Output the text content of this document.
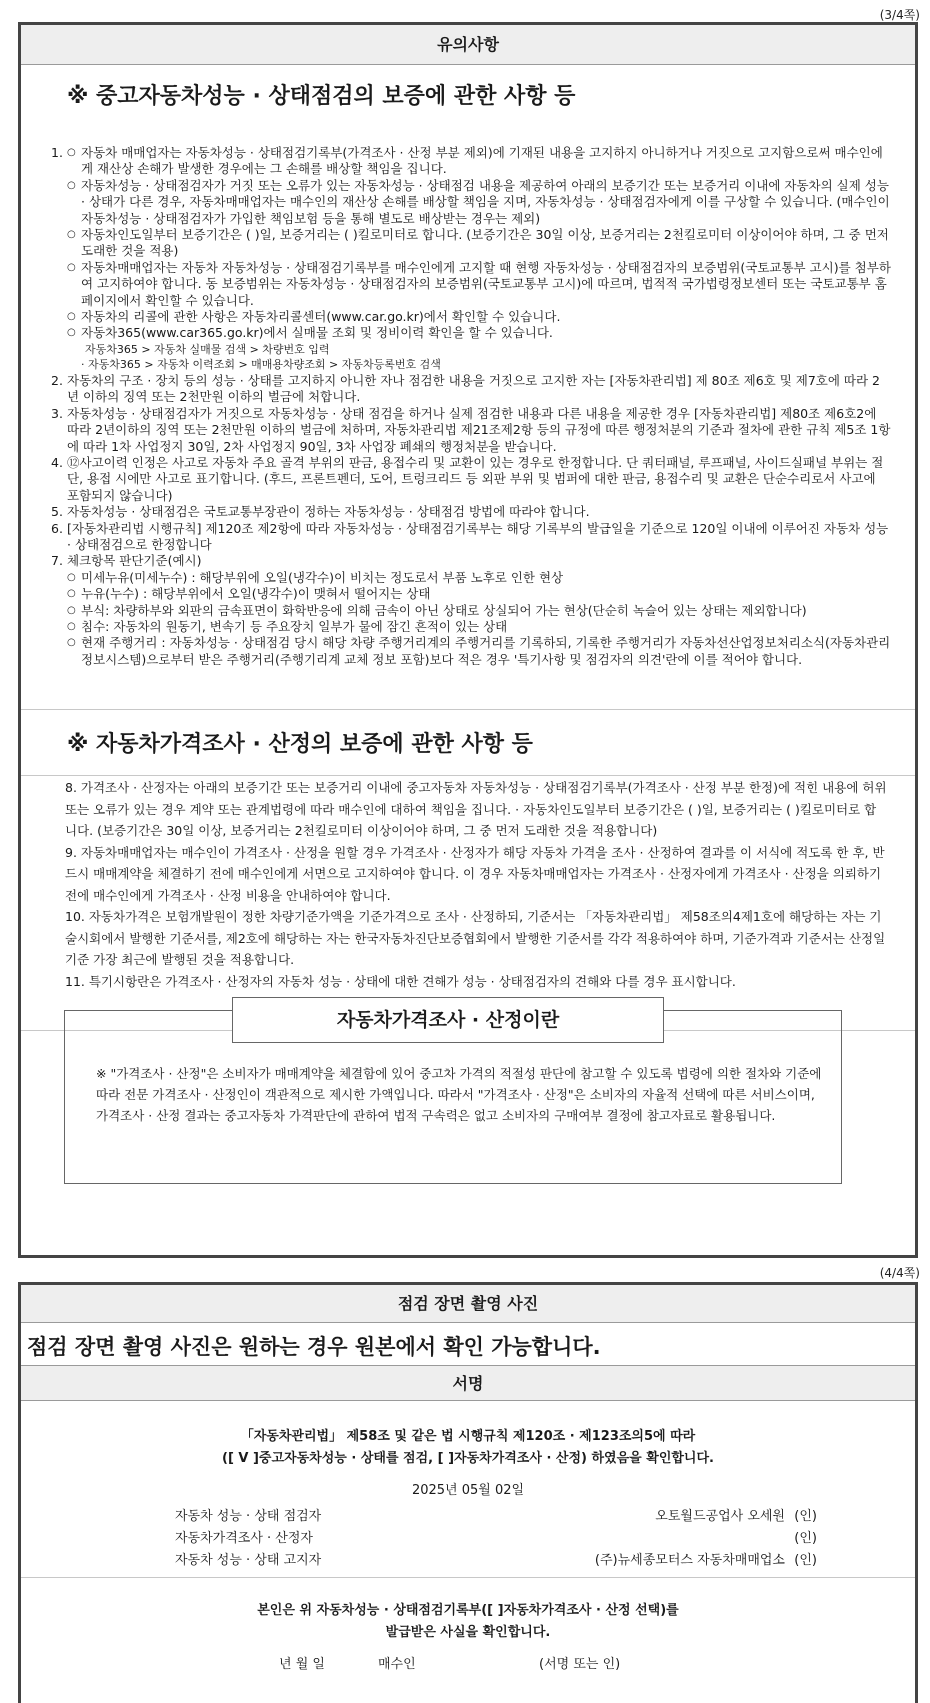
(3/4쪽)
유의사항
※ 중고자동차성능 · 상태점검의 보증에 관한 사항 등
1. ○ 자동차 매매업자는 자동차성능 · 상태점검기록부(가격조사 · 산정 부분 제외)에 기재된 내용을 고지하지 아니하거나 거짓으로 고지함으로써 매수인에게 재산상 손해가 발생한 경우에는 그 손해를 배상할 책임을 집니다.
○ 자동차성능 · 상태점검자가 거짓 또는 오류가 있는 자동차성능 · 상태점검 내용을 제공하여 아래의 보증기간 또는 보증거리 이내에 자동차의 실제 성능 · 상태가 다른 경우, 자동차매매업자는 매수인의 재산상 손해를 배상할 책임을 지며, 자동차성능 · 상태점검자에게 이를 구상할 수 있습니다. (매수인이 자동차성능 · 상태점검자가 가입한 책임보험 등을 통해 별도로 배상받는 경우는 제외)
○ 자동차인도일부터 보증기간은 ( )일, 보증거리는 ( )킬로미터로 합니다. (보증기간은 30일 이상, 보증거리는 2천킬로미터 이상이어야 하며, 그 중 먼저 도래한 것을 적용)
○ 자동차매매업자는 자동차 자동차성능 · 상태점검기록부를 매수인에게 고지할 때 현행 자동차성능 · 상태점검자의 보증범위(국토교통부 고시)를 첨부하여 고지하여야 합니다. 동 보증범위는 자동차성능 · 상태점검자의 보증범위(국토교통부 고시)에 따르며, 법적적 국가법령정보센터 또는 국토교통부 홈페이지에서 확인할 수 있습니다.
○ 자동차의 리콜에 관한 사항은 자동차리콜센터(www.car.go.kr)에서 확인할 수 있습니다.
○ 자동차365(www.car365.go.kr)에서 실매물 조회 및 정비이력 확인을 할 수 있습니다.
자동차365 > 자동차 실매물 검색 > 차량번호 입력
· 자동차365 > 자동차 이력조회 > 매매용차량조회 > 자동차등록번호 검색
2. 자동차의 구조 · 장치 등의 성능 · 상태를 고지하지 아니한 자나 점검한 내용을 거짓으로 고지한 자는 [자동차관리법] 제 80조 제6호 및 제7호에 따라 2년 이하의 징역 또는 2천만원 이하의 벌금에 처합니다.
3. 자동차성능 · 상태점검자가 거짓으로 자동차성능 · 상태 점검을 하거나 실제 점검한 내용과 다른 내용을 제공한 경우 [자동차관리법] 제80조 제6호2에 따라 2년이하의 징역 또는 2천만원 이하의 벌금에 처하며, 자동차관리법 제21조제2항 등의 규정에 따른 행정처분의 기준과 절차에 관한 규칙 제5조 1항에 따라 1차 사업정지 30일, 2차 사업정지 90일, 3차 사업장 폐쇄의 행정처분을 받습니다.
4. ⑫사고이력 인정은 사고로 자동차 주요 골격 부위의 판금, 용접수리 및 교환이 있는 경우로 한정합니다. 단 쿼터패널, 루프패널, 사이드실패널 부위는 절단, 용접 시에만 사고로 표기합니다. (후드, 프론트펜더, 도어, 트렁크리드 등 외판 부위 및 범퍼에 대한 판금, 용접수리 및 교환은 단순수리로서 사고에 포함되지 않습니다)
5. 자동차성능 · 상태점검은 국토교통부장관이 정하는 자동차성능 · 상태점검 방법에 따라야 합니다.
6. [자동차관리법 시행규칙] 제120조 제2항에 따라 자동차성능 · 상태점검기록부는 해당 기록부의 발급일을 기준으로 120일 이내에 이루어진 자동차 성능 · 상태점검으로 한정합니다
7. 체크항목 판단기준(예시)
○ 미세누유(미세누수) : 해당부위에 오일(냉각수)이 비치는 정도로서 부품 노후로 인한 현상
○ 누유(누수) : 해당부위에서 오일(냉각수)이 맺혀서 떨어지는 상태
○ 부식: 차량하부와 외판의 금속표면이 화학반응에 의해 금속이 아닌 상태로 상실되어 가는 현상(단순히 녹슬어 있는 상태는 제외합니다)
○ 침수: 자동차의 원동기, 변속기 등 주요장치 일부가 물에 잠긴 흔적이 있는 상태
○ 현재 주행거리 : 자동차성능 · 상태점검 당시 해당 차량 주행거리계의 주행거리를 기록하되, 기록한 주행거리가 자동차선산업정보처리소식(자동차관리정보시스템)으로부터 받은 주행거리(주행기리계 교체 정보 포함)보다 적은 경우 '특기사항 및 점검자의 의견'란에 이를 적어야 합니다.
※ 자동차가격조사 · 산정의 보증에 관한 사항 등
8. 가격조사 · 산정자는 아래의 보증기간 또는 보증거리 이내에 중고자동차 자동차성능 · 상태점검기록부(가격조사 · 산정 부분 한정)에 적힌 내용에 허위 또는 오류가 있는 경우 계약 또는 관계법령에 따라 매수인에 대하여 책임을 집니다. · 자동차인도일부터 보증기간은 ( )일, 보증거리는 ( )킬로미터로 합니다. (보증기간은 30일 이상, 보증거리는 2천킬로미터 이상이어야 하며, 그 중 먼저 도래한 것을 적용합니다)
9. 자동차매매업자는 매수인이 가격조사 · 산정을 원할 경우 가격조사 · 산정자가 해당 자동차 가격을 조사 · 산정하여 결과를 이 서식에 적도록 한 후, 반드시 매매계약을 체결하기 전에 매수인에게 서면으로 고지하여야 합니다. 이 경우 자동차매매업자는 가격조사 · 산정자에게 가격조사 · 산정을 의뢰하기 전에 매수인에게 가격조사 · 산정 비용을 안내하여야 합니다.
10. 자동차가격은 보험개발원이 정한 차량기준가액을 기준가격으로 조사 · 산정하되, 기준서는 「자동차관리법」 제58조의4제1호에 해당하는 자는 기술시회에서 발행한 기준서를, 제2호에 해당하는 자는 한국자동차진단보증협회에서 발행한 기준서를 각각 적용하여야 하며, 기준가격과 기준서는 산정일 기준 가장 최근에 발행된 것을 적용합니다.
11. 특기시항란은 가격조사 · 산정자의 자동차 성능 · 상태에 대한 견해가 성능 · 상태점검자의 견해와 다를 경우 표시합니다.
자동차가격조사 · 산정이란
※ "가격조사 · 산정"은 소비자가 매매계약을 체결함에 있어 중고차 가격의 적절성 판단에 참고할 수 있도록 법령에 의한 절차와 기준에 따라 전문 가격조사 · 산정인이 객관적으로 제시한 가액입니다. 따라서 "가격조사 · 산정"은 소비자의 자율적 선택에 따른 서비스이며, 가격조사 · 산정 결과는 중고자동차 가격판단에 관하여 법적 구속력은 없고 소비자의 구매여부 결정에 참고자료로 활용됩니다.
(4/4쪽)
점검 장면 촬영 사진
점검 장면 촬영 사진은 원하는 경우 원본에서 확인 가능합니다.
서명
「자동차관리법」 제58조 및 같은 법 시행규칙 제120조 · 제123조의5에 따라
([ V ]중고자동차성능 · 상태를 점검, [ ]자동차가격조사 · 산정) 하였음을 확인합니다.
2025년 05월 02일
자동차 성능 · 상태 점검자	오토월드공업사 오세원 (인)
자동차가격조사 · 산정자	(인)
자동차 성능 · 상태 고지자	(주)뉴세종모터스 자동차매매업소 (인)
본인은 위 자동차성능 · 상태점검기록부([ ]자동차가격조사 · 산정 선택)를
발급받은 사실을 확인합니다.
년 월 일	매수인	(서명 또는 인)
